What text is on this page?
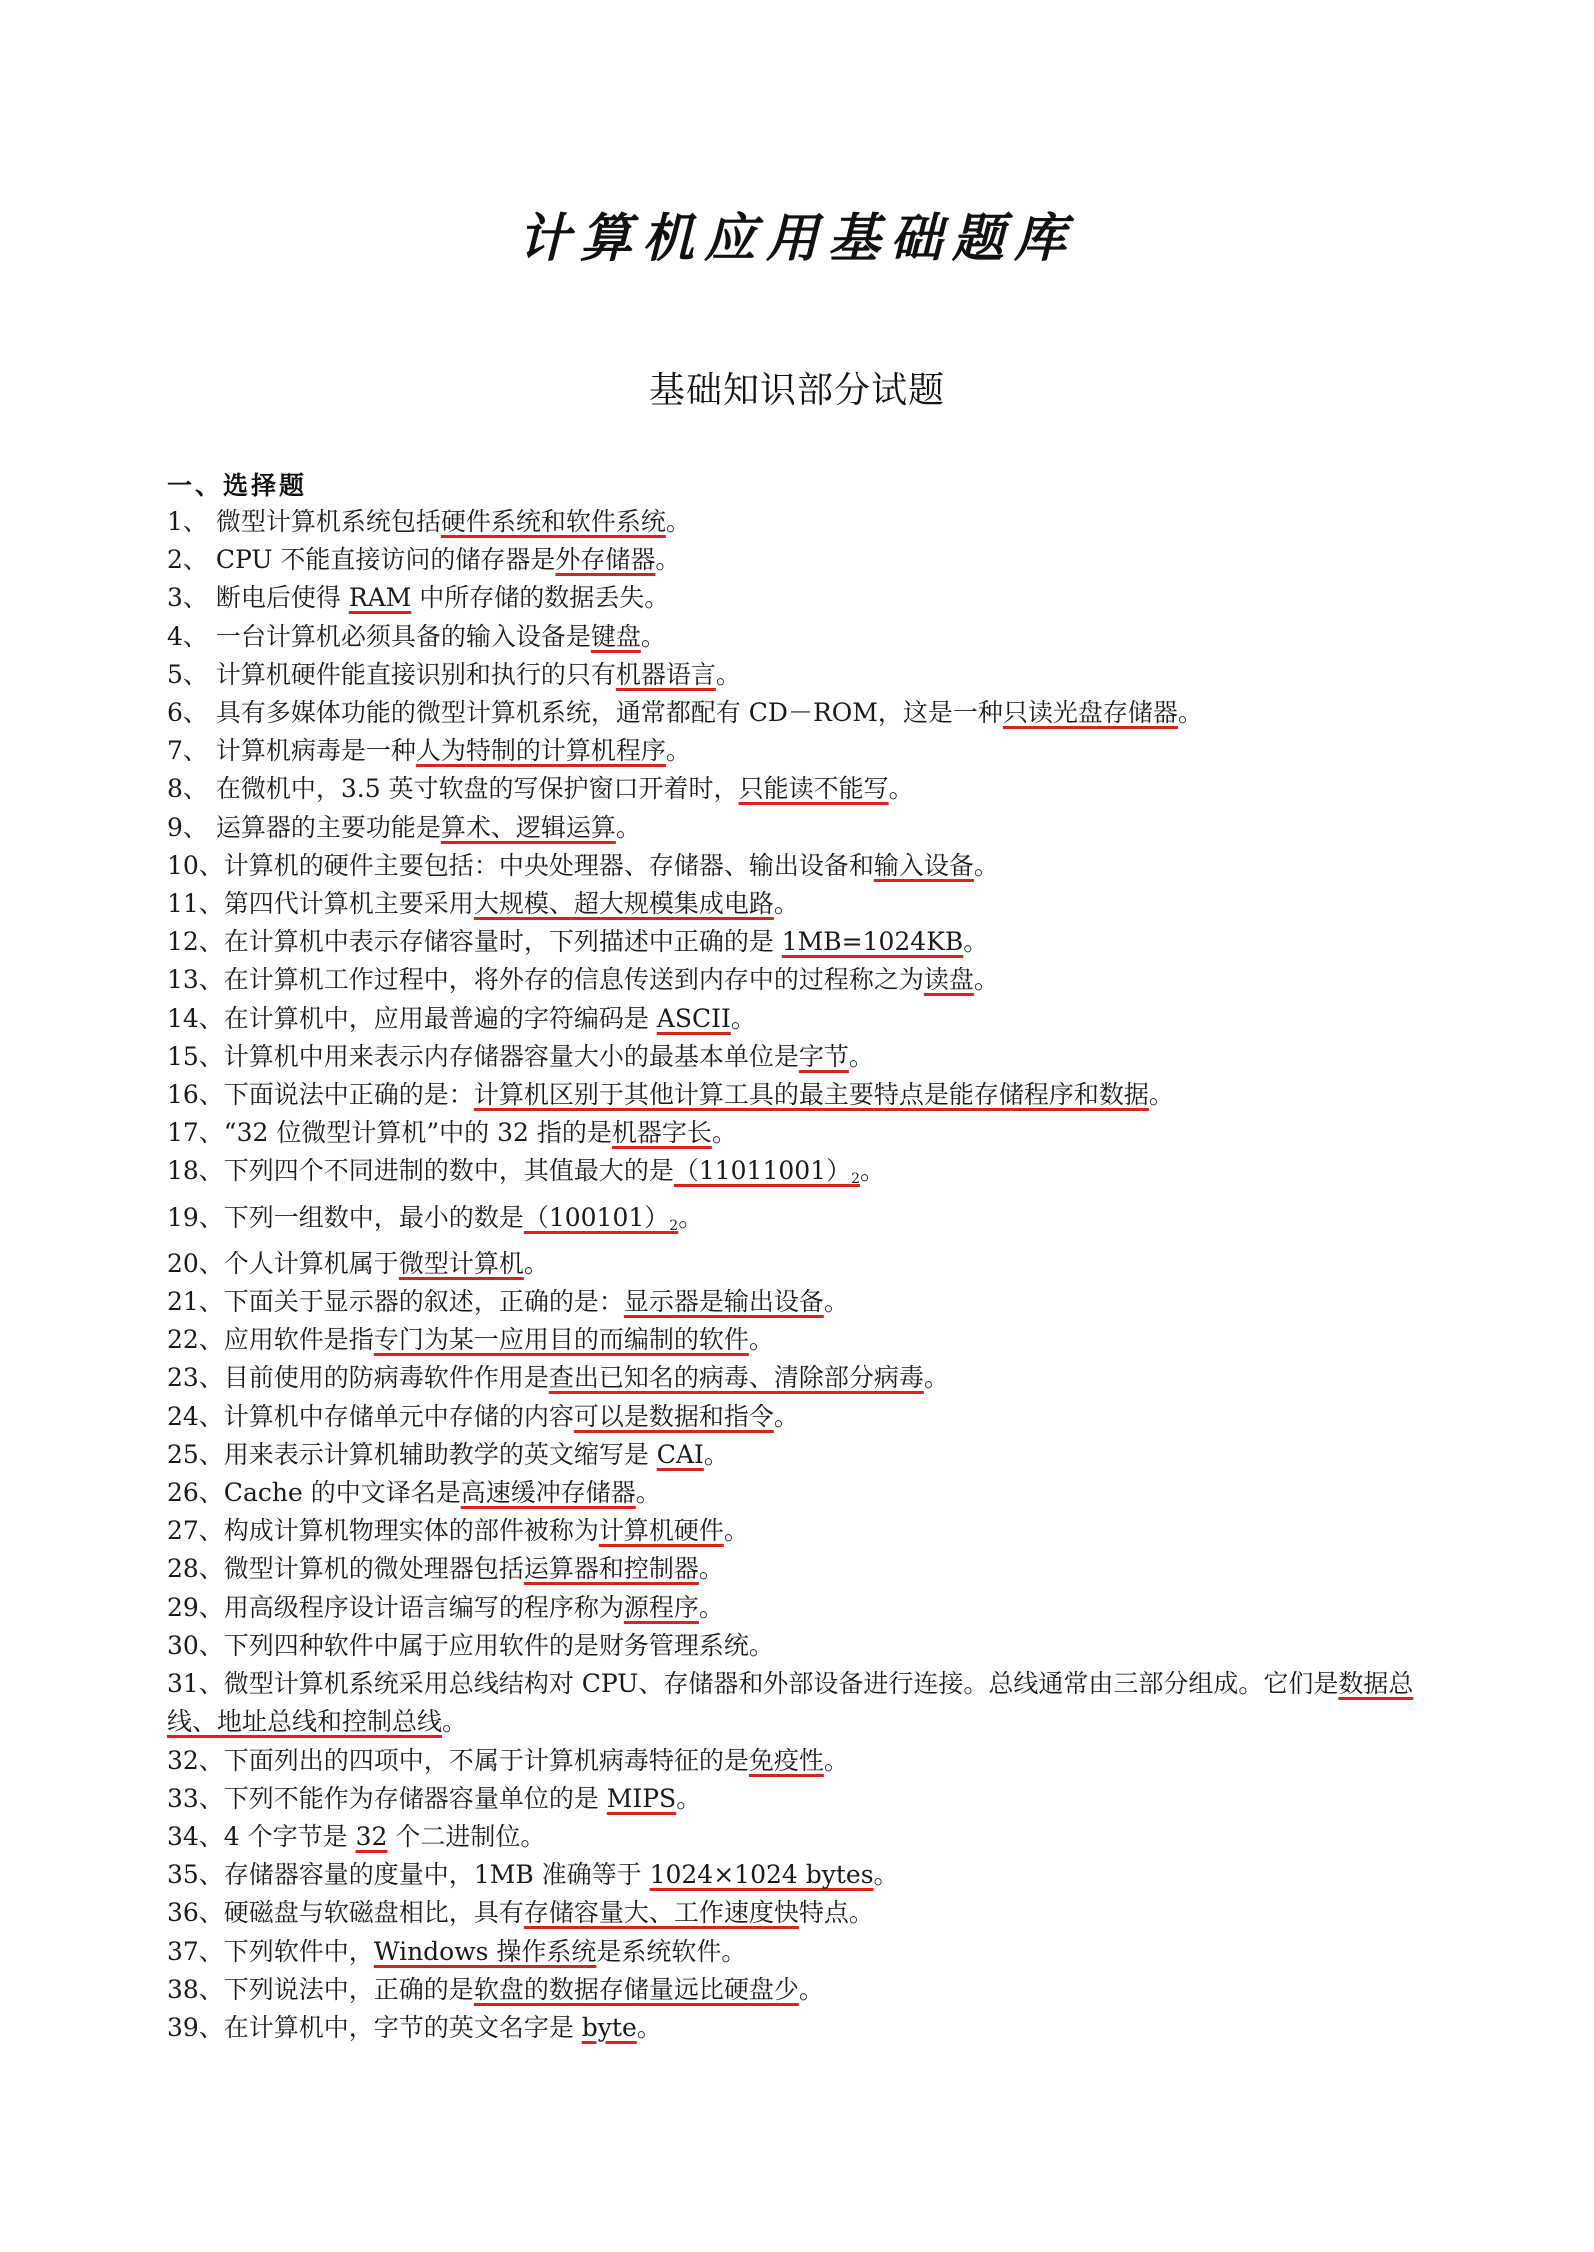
计算机应用基础题库
基础知识部分试题
一、选择题
1、 微型计算机系统包括硬件系统和软件系统。
2、 CPU 不能直接访问的储存器是外存储器。
3、 断电后使得 RAM 中所存储的数据丢失。
4、 一台计算机必须具备的输入设备是键盘。
5、 计算机硬件能直接识别和执行的只有机器语言。
6、 具有多媒体功能的微型计算机系统，通常都配有 CD－ROM，这是一种只读光盘存储器。
7、 计算机病毒是一种人为特制的计算机程序。
8、 在微机中，3.5 英寸软盘的写保护窗口开着时，只能读不能写。
9、 运算器的主要功能是算术、逻辑运算。
10、计算机的硬件主要包括：中央处理器、存储器、输出设备和输入设备。
11、第四代计算机主要采用大规模、超大规模集成电路。
12、在计算机中表示存储容量时，下列描述中正确的是 1MB=1024KB。
13、在计算机工作过程中，将外存的信息传送到内存中的过程称之为读盘。
14、在计算机中，应用最普遍的字符编码是 ASCII。
15、计算机中用来表示内存储器容量大小的最基本单位是字节。
16、下面说法中正确的是：计算机区别于其他计算工具的最主要特点是能存储程序和数据。
17、“32 位微型计算机”中的 32 指的是机器字长。
18、下列四个不同进制的数中，其值最大的是$(11011001)_2$。
19、下列一组数中，最小的数是$(100101)_2$。
20、个人计算机属于微型计算机。
21、下面关于显示器的叙述，正确的是：显示器是输出设备。
22、应用软件是指专门为某一应用目的而编制的软件。
23、目前使用的防病毒软件作用是查出已知名的病毒、清除部分病毒。
24、计算机中存储单元中存储的内容可以是数据和指令。
25、用来表示计算机辅助教学的英文缩写是 CAI。
26、Cache 的中文译名是高速缓冲存储器。
27、构成计算机物理实体的部件被称为计算机硬件。
28、微型计算机的微处理器包括运算器和控制器。
29、用高级程序设计语言编写的程序称为源程序。
30、下列四种软件中属于应用软件的是财务管理系统。
31、微型计算机系统采用总线结构对 CPU、存储器和外部设备进行连接。总线通常由三部分组成。它们是数据总线、地址总线和控制总线。
32、下面列出的四项中，不属于计算机病毒特征的是免疫性。
33、下列不能作为存储器容量单位的是 MIPS。
34、4 个字节是 32 个二进制位。
35、存储器容量的度量中，1MB 准确等于 1024×1024 bytes。
36、硬磁盘与软磁盘相比，具有存储容量大、工作速度快特点。
37、下列软件中，Windows 操作系统是系统软件。
38、下列说法中，正确的是软盘的数据存储量远比硬盘少。
39、在计算机中，字节的英文名字是 byte。
